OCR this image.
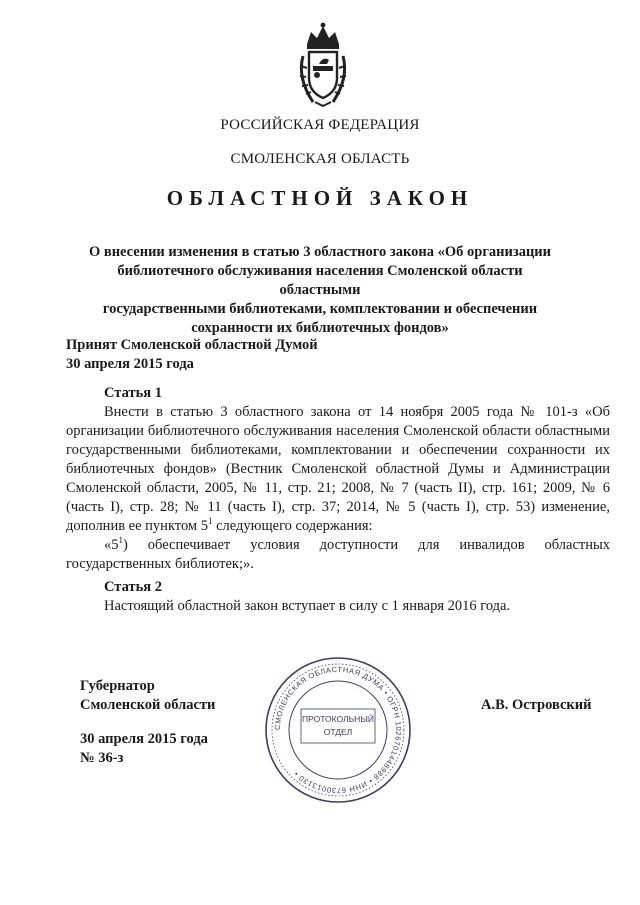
РОССИЙСКАЯ ФЕДЕРАЦИЯ
СМОЛЕНСКАЯ ОБЛАСТЬ
ОБЛАСТНОЙ ЗАКОН
О внесении изменения в статью 3 областного закона «Об организации
библиотечного обслуживания населения Смоленской области областными
государственными библиотеками, комплектовании и обеспечении
сохранности их библиотечных фондов»
Принят Смоленской областной Думой
30 апреля 2015 года
Статья 1
Внести в статью 3 областного закона от 14 ноября 2005 года № 101-з «Об организации библиотечного обслуживания населения Смоленской области областными государственными библиотеками, комплектовании и обеспечении сохранности их библиотечных фондов» (Вестник Смоленской областной Думы и Администрации Смоленской области, 2005, № 11, стр. 21; 2008, № 7 (часть II), стр. 161; 2009, № 6 (часть I), стр. 28; № 11 (часть I), стр. 37; 2014, № 5 (часть I), стр. 53) изменение, дополнив ее пунктом $5^1$ следующего содержания:
«$5^1$) обеспечивает условия доступности для инвалидов областных государственных библиотек;».
Статья 2
Настоящий областной закон вступает в силу с 1 января 2016 года.
Губернатор
Смоленской области	А.В. Островский
30 апреля 2015 года
№ 36-з
СМОЛЕНСКАЯ ОБЛАСТНАЯ ДУМА • ОГРН 1026701448988 • ИНН 6730013130 •
ПРОТОКОЛЬНЫЙ
ОТДЕЛ
